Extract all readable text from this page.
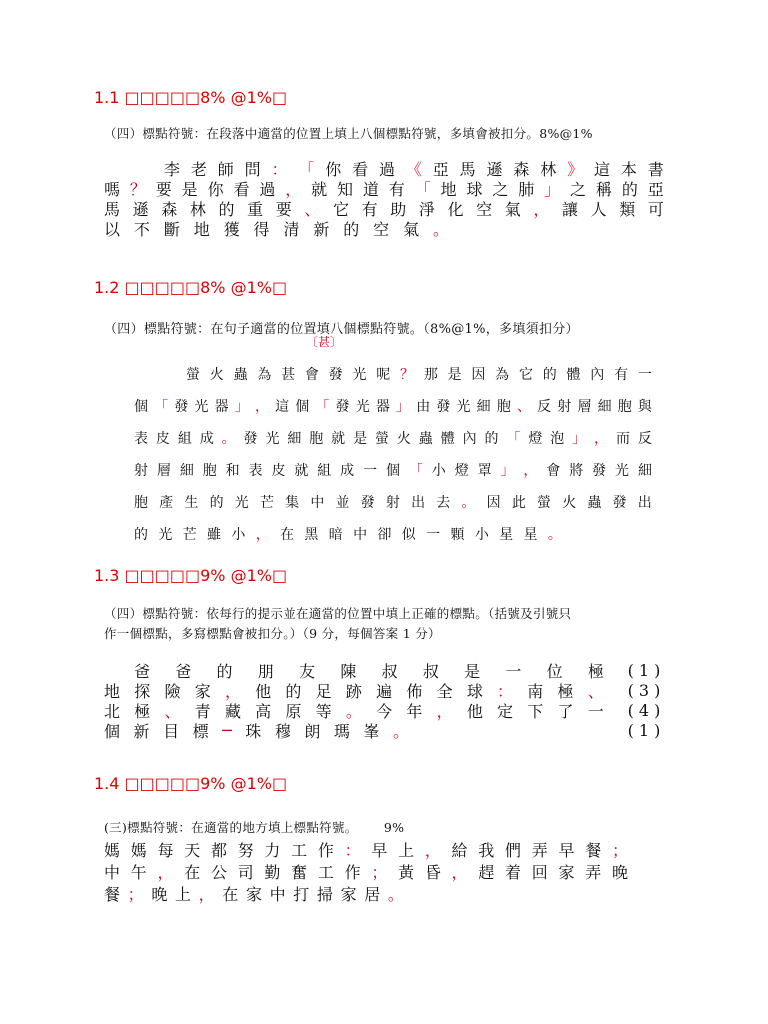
1.1 □□□□□8% @1%□
（四）標點符號：在段落中適當的位置上填上八個標點符號，多填會被扣分。8%@1%
李 老 師 問 ： 「 你 看 過 《 亞 馬 遜 森 林 》 這 本 書
嗎 ？ 要 是 你 看 過 ， 就 知 道 有 「 地 球 之 肺 」 之 稱 的 亞
馬 遜 森 林 的 重 要 、 它 有 助 淨 化 空 氣 ， 讓 人 類 可
以 不 斷 地 獲 得 清 新 的 空 氣 。
1.2 □□□□□8% @1%□
（四）標點符號：在句子適當的位置填八個標點符號。（8%@1%，多填須扣分）
〔甚〕
螢 火 蟲 為 甚 會 發 光 呢 ？ 那 是 因 為 它 的 體 內 有 一
個 「 發 光 器 」 ， 這 個 「 發 光 器 」 由 發 光 細 胞 、 反 射 層 細 胞 與
表 皮 組 成 。 發 光 細 胞 就 是 螢 火 蟲 體 內 的 「 燈 泡 」 ， 而 反
射 層 細 胞 和 表 皮 就 組 成 一 個 「 小 燈 罩 」 ， 會 將 發 光 細
胞 產 生 的 光 芒 集 中 並 發 射 出 去 。 因 此 螢 火 蟲 發 出
的 光 芒 雖 小 ， 在 黑 暗 中 卻 似 一 顆 小 星 星 。
1.3 □□□□□9% @1%□
（四）標點符號：依每行的提示並在適當的位置中填上正確的標點。（括號及引號只
作一個標點，多寫標點會被扣分。）（9 分，每個答案 1 分）
爸 爸 的 朋 友 陳 叔 叔 是 一 位 極 ( 1 )
地 探 險 家 ， 他 的 足 跡 遍 佈 全 球 ： 南 極 、 ( 3 )
北 極 、 青 藏 高 原 等 。 今 年 ， 他 定 下 了 一 ( 4 )
個 新 目 標 ─ 珠 穆 朗 瑪 峯 。	( 1 )
1.4 □□□□□9% @1%□
(三)標點符號：在適當的地方填上標點符號。 9%
媽 媽 每 天 都 努 力 工 作 ： 早 上 ， 給 我 們 弄 早 餐 ；
中 午 ， 在 公 司 勤 奮 工 作 ； 黃 昏 ， 趕 着 回 家 弄 晚
餐 ； 晚 上 ， 在 家 中 打 掃 家 居 。
